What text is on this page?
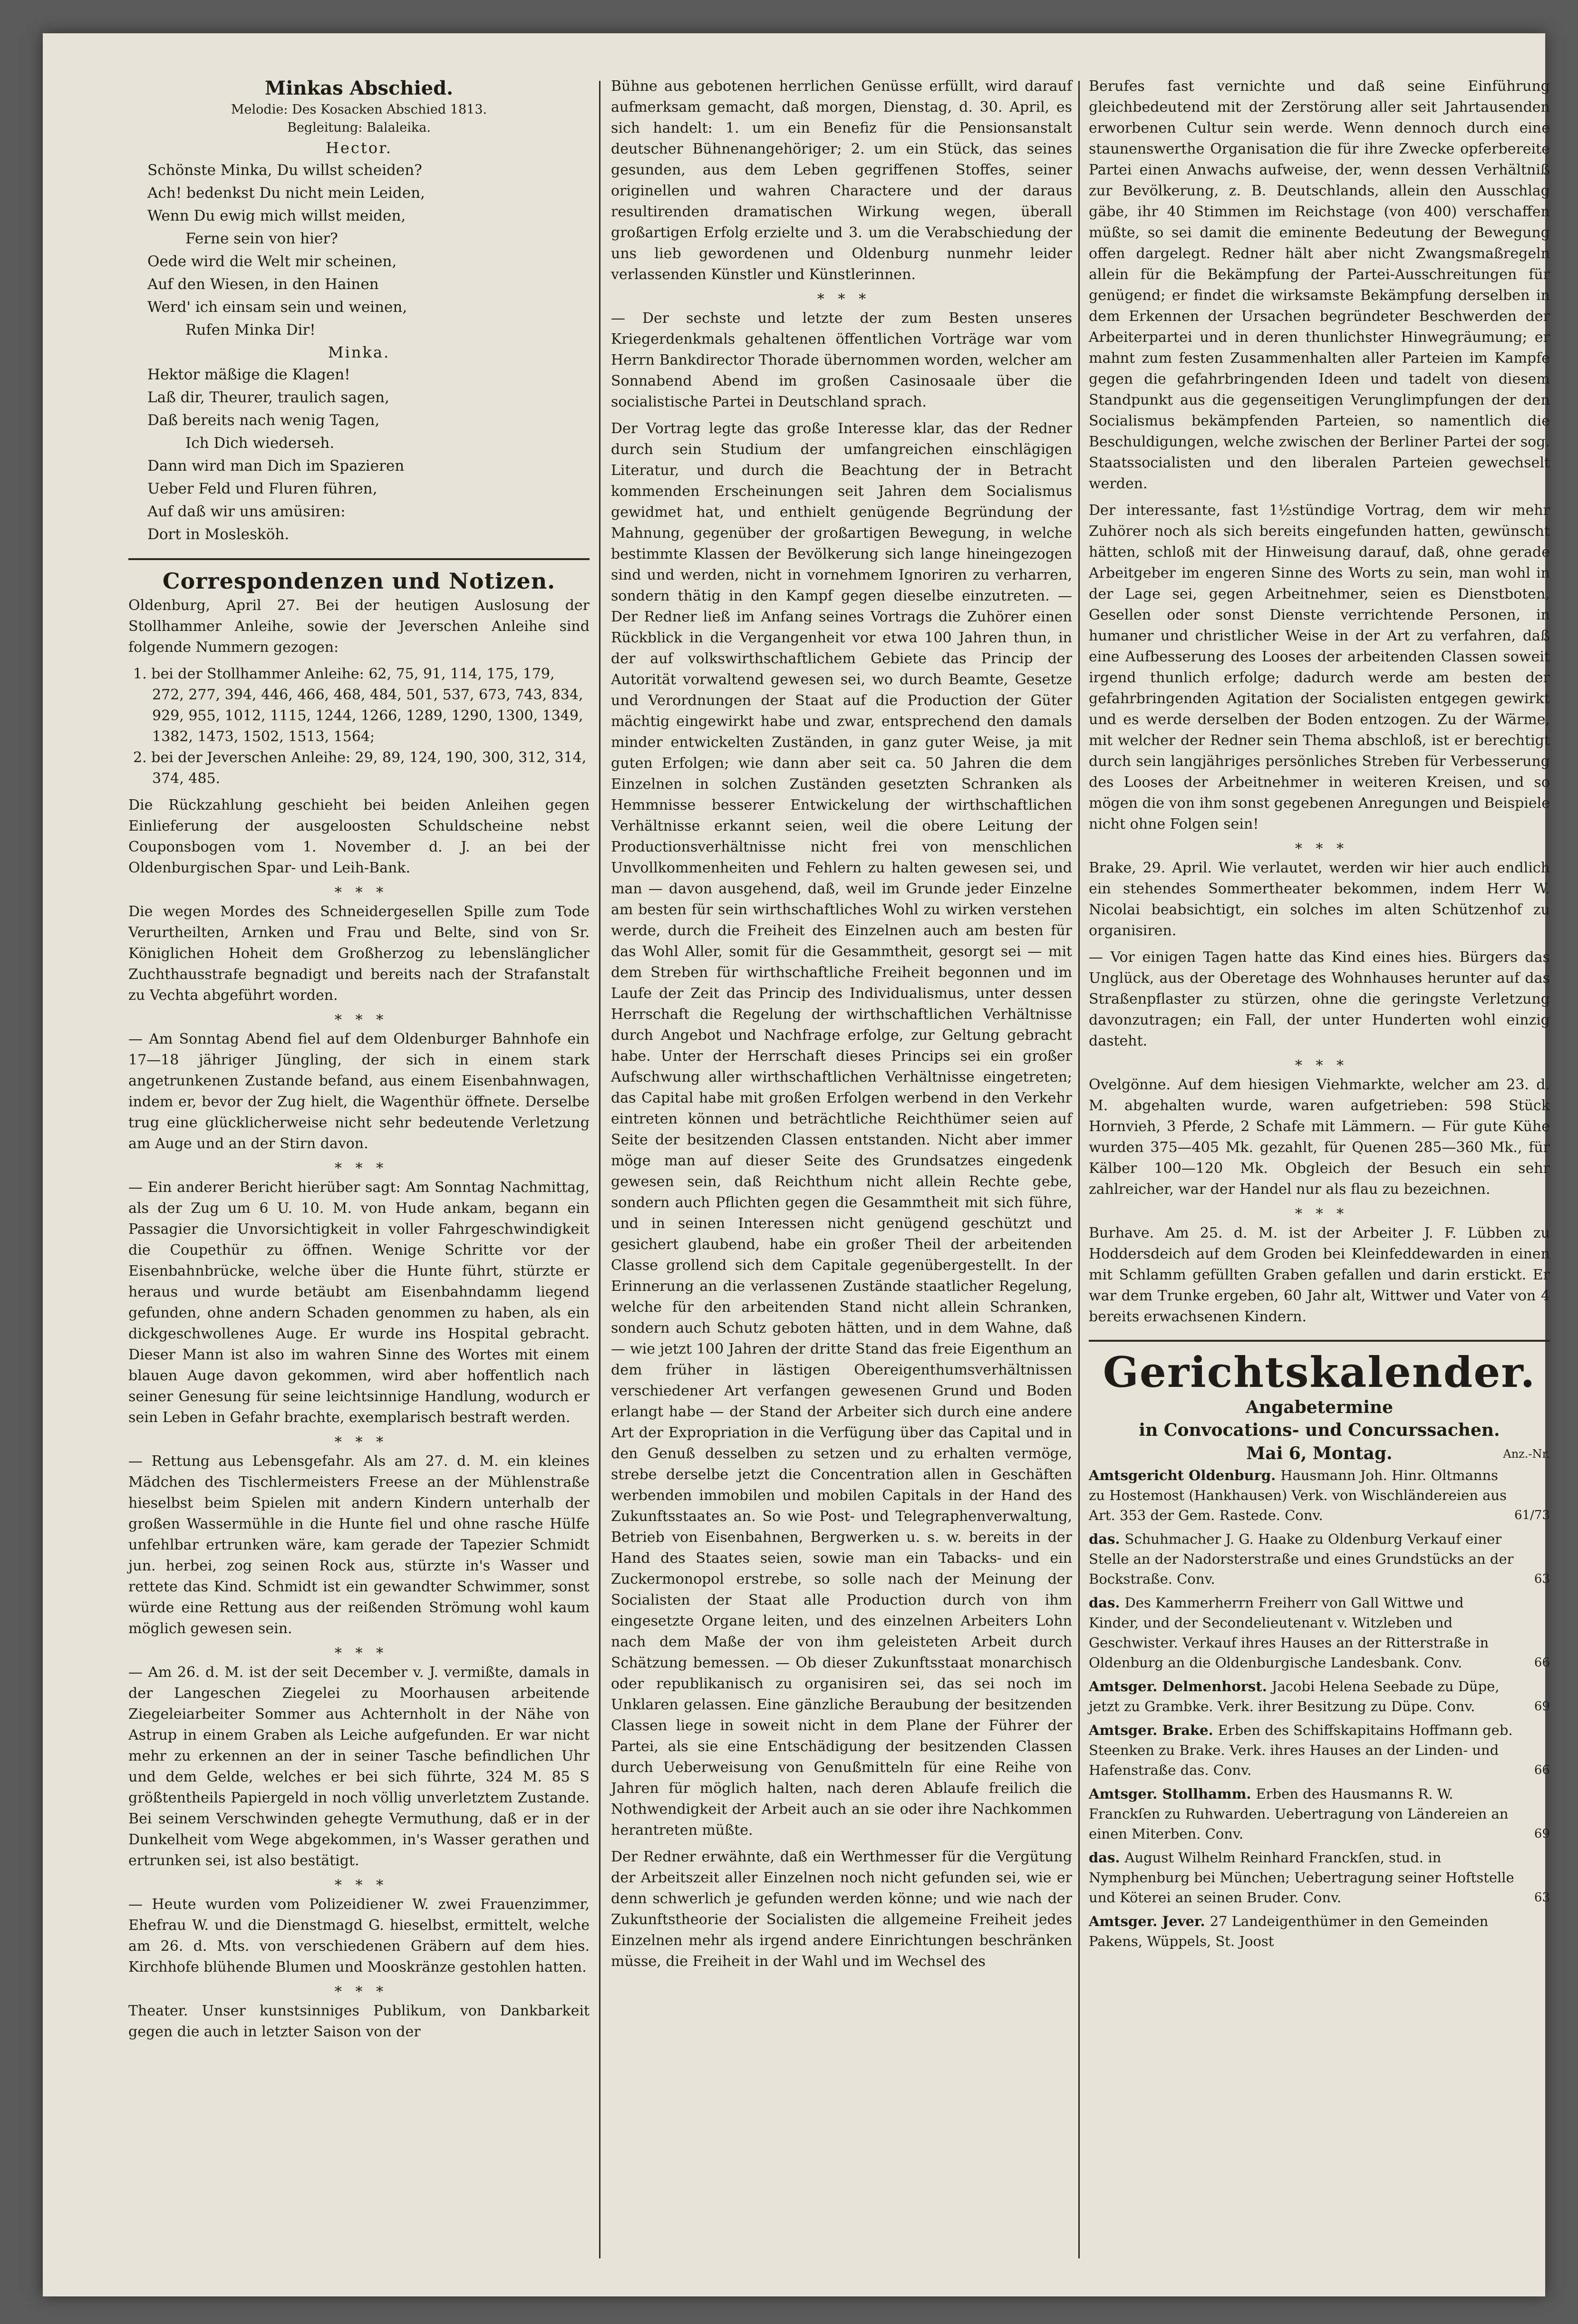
Minkas Abschied.
Melodie: Des Kosacken Abschied 1813.
Begleitung: Balaleika.
Hector.
Schönste Minka, Du willst scheiden?
Ach! bedenkst Du nicht mein Leiden,
Wenn Du ewig mich willst meiden,
Ferne sein von hier?
Oede wird die Welt mir scheinen,
Auf den Wiesen, in den Hainen
Werd' ich einsam sein und weinen,
Rufen Minka Dir!
Minka.
Hektor mäßige die Klagen!
Laß dir, Theurer, traulich sagen,
Daß bereits nach wenig Tagen,
Ich Dich wiederseh.
Dann wird man Dich im Spazieren
Ueber Feld und Fluren führen,
Auf daß wir uns amüsiren:
Dort in Moslesköh.
Correspondenzen und Notizen.

Oldenburg, April 27. Bei der heutigen Auslosung der Stollhammer Anleihe, sowie der Jeverschen Anleihe sind folgende Nummern gezogen:

1. bei der Stollhammer Anleihe: 62, 75, 91, 114, 175, 179, 272, 277, 394, 446, 466, 468, 484, 501, 537, 673, 743, 834, 929, 955, 1012, 1115, 1244, 1266, 1289, 1290, 1300, 1349, 1382, 1473, 1502, 1513, 1564;
2. bei der Jeverschen Anleihe: 29, 89, 124, 190, 300, 312, 314, 374, 485.

Die Rückzahlung geschieht bei beiden Anleihen gegen Einlieferung der ausgeloosten Schuldscheine nebst Couponsbogen vom 1. November d. J. an bei der Oldenburgischen Spar- und Leih-Bank.

*   *   *

Die wegen Mordes des Schneidergesellen Spille zum Tode Verurtheilten, Arnken und Frau und Belte, sind von Sr. Königlichen Hoheit dem Großherzog zu lebenslänglicher Zuchthausstrafe begnadigt und bereits nach der Strafanstalt zu Vechta abgeführt worden.

*   *   *

— Am Sonntag Abend fiel auf dem Oldenburger Bahnhofe ein 17—18 jähriger Jüngling, der sich in einem stark angetrunkenen Zustande befand, aus einem Eisenbahnwagen, indem er, bevor der Zug hielt, die Wagenthür öffnete. Derselbe trug eine glücklicherweise nicht sehr bedeutende Verletzung am Auge und an der Stirn davon.

*   *   *

— Ein anderer Bericht hierüber sagt: Am Sonntag Nachmittag, als der Zug um 6 U. 10. M. von Hude ankam, begann ein Passagier die Unvorsichtigkeit in voller Fahrgeschwindigkeit die Coupethür zu öffnen. Wenige Schritte vor der Eisenbahnbrücke, welche über die Hunte führt, stürzte er heraus und wurde betäubt am Eisenbahndamm liegend gefunden, ohne andern Schaden genommen zu haben, als ein dickgeschwollenes Auge. Er wurde ins Hospital gebracht. Dieser Mann ist also im wahren Sinne des Wortes mit einem blauen Auge davon gekommen, wird aber hoffentlich nach seiner Genesung für seine leichtsinnige Handlung, wodurch er sein Leben in Gefahr brachte, exemplarisch bestraft werden.

*   *   *

— Rettung aus Lebensgefahr. Als am 27. d. M. ein kleines Mädchen des Tischlermeisters Freese an der Mühlenstraße hieselbst beim Spielen mit andern Kindern unterhalb der großen Wassermühle in die Hunte fiel und ohne rasche Hülfe unfehlbar ertrunken wäre, kam gerade der Tapezier Schmidt jun. herbei, zog seinen Rock aus, stürzte in's Wasser und rettete das Kind. Schmidt ist ein gewandter Schwimmer, sonst würde eine Rettung aus der reißenden Strömung wohl kaum möglich gewesen sein.

*   *   *

— Am 26. d. M. ist der seit December v. J. vermißte, damals in der Langeschen Ziegelei zu Moorhausen arbeitende Ziegeleiarbeiter Sommer aus Achternholt in der Nähe von Astrup in einem Graben als Leiche aufgefunden. Er war nicht mehr zu erkennen an der in seiner Tasche befindlichen Uhr und dem Gelde, welches er bei sich führte, 324 M. 85 S größtentheils Papiergeld in noch völlig unverletztem Zustande. Bei seinem Verschwinden gehegte Vermuthung, daß er in der Dunkelheit vom Wege abgekommen, in's Wasser gerathen und ertrunken sei, ist also bestätigt.

*   *   *

— Heute wurden vom Polizeidiener W. zwei Frauenzimmer, Ehefrau W. und die Dienstmagd G. hieselbst, ermittelt, welche am 26. d. Mts. von verschiedenen Gräbern auf dem hies. Kirchhofe blühende Blumen und Mooskränze gestohlen hatten.

*   *   *

Theater. Unser kunstsinniges Publikum, von Dankbarkeit gegen die auch in letzter Saison von der

Bühne aus gebotenen herrlichen Genüsse erfüllt, wird darauf aufmerksam gemacht, daß morgen, Dienstag, d. 30. April, es sich handelt: 1. um ein Benefiz für die Pensionsanstalt deutscher Bühnenangehöriger; 2. um ein Stück, das seines gesunden, aus dem Leben gegriffenen Stoffes, seiner originellen und wahren Charactere und der daraus resultirenden dramatischen Wirkung wegen, überall großartigen Erfolg erzielte und 3. um die Verabschiedung der uns lieb gewordenen und Oldenburg nunmehr leider verlassenden Künstler und Künstlerinnen.

*   *   *

— Der sechste und letzte der zum Besten unseres Kriegerdenkmals gehaltenen öffentlichen Vorträge war vom Herrn Bankdirector Thorade übernommen worden, welcher am Sonnabend Abend im großen Casinosaale über die socialistische Partei in Deutschland sprach.

Der Vortrag legte das große Interesse klar, das der Redner durch sein Studium der umfangreichen einschlägigen Literatur, und durch die Beachtung der in Betracht kommenden Erscheinungen seit Jahren dem Socialismus gewidmet hat, und enthielt genügende Begründung der Mahnung, gegenüber der großartigen Bewegung, in welche bestimmte Klassen der Bevölkerung sich lange hineingezogen sind und werden, nicht in vornehmem Ignoriren zu verharren, sondern thätig in den Kampf gegen dieselbe einzutreten. — Der Redner ließ im Anfang seines Vortrags die Zuhörer einen Rückblick in die Vergangenheit vor etwa 100 Jahren thun, in der auf volkswirthschaftlichem Gebiete das Princip der Autorität vorwaltend gewesen sei, wo durch Beamte, Gesetze und Verordnungen der Staat auf die Production der Güter mächtig eingewirkt habe und zwar, entsprechend den damals minder entwickelten Zuständen, in ganz guter Weise, ja mit guten Erfolgen; wie dann aber seit ca. 50 Jahren die dem Einzelnen in solchen Zuständen gesetzten Schranken als Hemmnisse besserer Entwickelung der wirthschaftlichen Verhältnisse erkannt seien, weil die obere Leitung der Productionsverhältnisse nicht frei von menschlichen Unvollkommenheiten und Fehlern zu halten gewesen sei, und man — davon ausgehend, daß, weil im Grunde jeder Einzelne am besten für sein wirthschaftliches Wohl zu wirken verstehen werde, durch die Freiheit des Einzelnen auch am besten für das Wohl Aller, somit für die Gesammtheit, gesorgt sei — mit dem Streben für wirthschaftliche Freiheit begonnen und im Laufe der Zeit das Princip des Individualismus, unter dessen Herrschaft die Regelung der wirthschaftlichen Verhältnisse durch Angebot und Nachfrage erfolge, zur Geltung gebracht habe. Unter der Herrschaft dieses Princips sei ein großer Aufschwung aller wirthschaftlichen Verhältnisse eingetreten; das Capital habe mit großen Erfolgen werbend in den Verkehr eintreten können und beträchtliche Reichthümer seien auf Seite der besitzenden Classen entstanden. Nicht aber immer möge man auf dieser Seite des Grundsatzes eingedenk gewesen sein, daß Reichthum nicht allein Rechte gebe, sondern auch Pflichten gegen die Gesammtheit mit sich führe, und in seinen Interessen nicht genügend geschützt und gesichert glaubend, habe ein großer Theil der arbeitenden Classe grollend sich dem Capitale gegenübergestellt. In der Erinnerung an die verlassenen Zustände staatlicher Regelung, welche für den arbeitenden Stand nicht allein Schranken, sondern auch Schutz geboten hätten, und in dem Wahne, daß — wie jetzt 100 Jahren der dritte Stand das freie Eigenthum an dem früher in lästigen Obereigenthumsverhältnissen verschiedener Art verfangen gewesenen Grund und Boden erlangt habe — der Stand der Arbeiter sich durch eine andere Art der Expropriation in die Verfügung über das Capital und in den Genuß desselben zu setzen und zu erhalten vermöge, strebe derselbe jetzt die Concentration allen in Geschäften werbenden immobilen und mobilen Capitals in der Hand des Zukunftsstaates an. So wie Post- und Telegraphenverwaltung, Betrieb von Eisenbahnen, Bergwerken u. s. w. bereits in der Hand des Staates seien, sowie man ein Tabacks- und ein Zuckermonopol erstrebe, so solle nach der Meinung der Socialisten der Staat alle Production durch von ihm eingesetzte Organe leiten, und des einzelnen Arbeiters Lohn nach dem Maße der von ihm geleisteten Arbeit durch Schätzung bemessen. — Ob dieser Zukunftsstaat monarchisch oder republikanisch zu organisiren sei, das sei noch im Unklaren gelassen. Eine gänzliche Beraubung der besitzenden Classen liege in soweit nicht in dem Plane der Führer der Partei, als sie eine Entschädigung der besitzenden Classen durch Ueberweisung von Genußmitteln für eine Reihe von Jahren für möglich halten, nach deren Ablaufe freilich die Nothwendigkeit der Arbeit auch an sie oder ihre Nachkommen herantreten müßte.

Der Redner erwähnte, daß ein Werthmesser für die Vergütung der Arbeitszeit aller Einzelnen noch nicht gefunden sei, wie er denn schwerlich je gefunden werden könne; und wie nach der Zukunftstheorie der Socialisten die allgemeine Freiheit jedes Einzelnen mehr als irgend andere Einrichtungen beschränken müsse, die Freiheit in der Wahl und im Wechsel des

Berufes fast vernichte und daß seine Einführung gleichbedeutend mit der Zerstörung aller seit Jahrtausenden erworbenen Cultur sein werde. Wenn dennoch durch eine staunenswerthe Organisation die für ihre Zwecke opferbereite Partei einen Anwachs aufweise, der, wenn dessen Verhältniß zur Bevölkerung, z. B. Deutschlands, allein den Ausschlag gäbe, ihr 40 Stimmen im Reichstage (von 400) verschaffen müßte, so sei damit die eminente Bedeutung der Bewegung offen dargelegt. Redner hält aber nicht Zwangsmaßregeln allein für die Bekämpfung der Partei-Ausschreitungen für genügend; er findet die wirksamste Bekämpfung derselben in dem Erkennen der Ursachen begründeter Beschwerden der Arbeiterpartei und in deren thunlichster Hinwegräumung; er mahnt zum festen Zusammenhalten aller Parteien im Kampfe gegen die gefahrbringenden Ideen und tadelt von diesem Standpunkt aus die gegenseitigen Verunglimpfungen der den Socialismus bekämpfenden Parteien, so namentlich die Beschuldigungen, welche zwischen der Berliner Partei der sog. Staatssocialisten und den liberalen Parteien gewechselt werden.

Der interessante, fast 1½stündige Vortrag, dem wir mehr Zuhörer noch als sich bereits eingefunden hatten, gewünscht hätten, schloß mit der Hinweisung darauf, daß, ohne gerade Arbeitgeber im engeren Sinne des Worts zu sein, man wohl in der Lage sei, gegen Arbeitnehmer, seien es Dienstboten, Gesellen oder sonst Dienste verrichtende Personen, in humaner und christlicher Weise in der Art zu verfahren, daß eine Aufbesserung des Looses der arbeitenden Classen soweit irgend thunlich erfolge; dadurch werde am besten der gefahrbringenden Agitation der Socialisten entgegen gewirkt und es werde derselben der Boden entzogen. Zu der Wärme, mit welcher der Redner sein Thema abschloß, ist er berechtigt durch sein langjähriges persönliches Streben für Verbesserung des Looses der Arbeitnehmer in weiteren Kreisen, und so mögen die von ihm sonst gegebenen Anregungen und Beispiele nicht ohne Folgen sein!

*   *   *

Brake, 29. April. Wie verlautet, werden wir hier auch endlich ein stehendes Sommertheater bekommen, indem Herr W. Nicolai beabsichtigt, ein solches im alten Schützenhof zu organisiren.

— Vor einigen Tagen hatte das Kind eines hies. Bürgers das Unglück, aus der Oberetage des Wohnhauses herunter auf das Straßenpflaster zu stürzen, ohne die geringste Verletzung davonzutragen; ein Fall, der unter Hunderten wohl einzig dasteht.

*   *   *

Ovelgönne. Auf dem hiesigen Viehmarkte, welcher am 23. d. M. abgehalten wurde, waren aufgetrieben: 598 Stück Hornvieh, 3 Pferde, 2 Schafe mit Lämmern. — Für gute Kühe wurden 375—405 Mk. gezahlt, für Quenen 285—360 Mk., für Kälber 100—120 Mk. Obgleich der Besuch ein sehr zahlreicher, war der Handel nur als flau zu bezeichnen.

*   *   *

Burhave. Am 25. d. M. ist der Arbeiter J. F. Lübben zu Hoddersdeich auf dem Groden bei Kleinfeddewarden in einen mit Schlamm gefüllten Graben gefallen und darin erstickt. Er war dem Trunke ergeben, 60 Jahr alt, Wittwer und Vater von 4 bereits erwachsenen Kindern.

Gerichtskalender.
Angabetermine
in Convocations- und Concurssachen.
Mai 6, Montag.	Anz.-Nr.
Amtsgericht Oldenburg. Hausmann Joh. Hinr. Oltmanns zu Hostemost (Hankhausen) Verk. von Wischländereien aus Art. 353 der Gem. Rastede. Conv.	61/73
das. Schuhmacher J. G. Haake zu Oldenburg Verkauf einer Stelle an der Nadorsterstraße und eines Grundstücks an der Bockstraße. Conv.	63
das. Des Kammerherrn Freiherr von Gall Wittwe und Kinder, und der Secondelieutenant v. Witzleben und Geschwister. Verkauf ihres Hauses an der Ritterstraße in Oldenburg an die Oldenburgische Landesbank. Conv.	66
Amtsger. Delmenhorst. Jacobi Helena Seebade zu Düpe, jetzt zu Grambke. Verk. ihrer Besitzung zu Düpe. Conv.	69
Amtsger. Brake. Erben des Schiffskapitains Hoffmann geb. Steenken zu Brake. Verk. ihres Hauses an der Linden- und Hafenstraße das. Conv.	66
Amtsger. Stollhamm. Erben des Hausmanns R. W. Franckſen zu Ruhwarden. Uebertragung von Ländereien an einen Miterben. Conv.	69
das. August Wilhelm Reinhard Franckſen, stud. in Nymphenburg bei München; Uebertragung seiner Hoftstelle und Köterei an seinen Bruder. Conv.	63
Amtsger. Jever. 27 Landeigenthümer in den Gemeinden Pakens, Wüppels, St. Joost
